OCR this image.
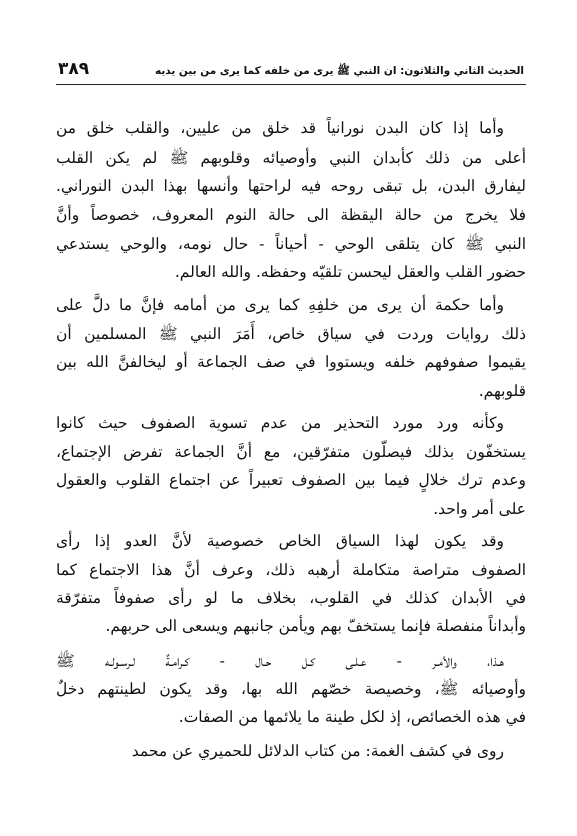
الحديث الثاني والثلاثون: ان النبي ﷺ يرى من خلفه كما يرى من بين يديه
٣٨٩
وأما إذا كان البدن نورانياً قد خلق من عليين، والقلب خلق من
أعلى من ذلك كأبدان النبي وأوصيائه وقلوبهم ﷺ لم يكن القلب
ليفارق البدن، بل تبقى روحه فيه لراحتها وأنسها بهذا البدن النوراني.
فلا يخرج من حالة اليقظة الى حالة النوم المعروف، خصوصاً وأنَّ
النبي ﷺ كان يتلقى الوحي - أحياناً - حال نومه، والوحي يستدعي
حضور القلب والعقل ليحسن تلقيّه وحفظه. والله العالم.
وأما حكمة أن يرى من خلفِهِ كما يرى من أمامه فإنَّ ما دلَّ على
ذلك روايات وردت في سياق خاص، أَمَرَ النبي ﷺ المسلمين أن
يقيموا صفوفهم خلفه ويستووا في صف الجماعة أو ليخالفنَّ الله بين
قلوبهم.
وكأنه ورد مورد التحذير من عدم تسوية الصفوف حيث كانوا
يستخفّون بذلك فيصلّون متفرّقين، مع أنَّ الجماعة تفرض الإجتماع،
وعدم ترك خلالٍ فيما بين الصفوف تعبيراً عن اجتماع القلوب والعقول
على أمر واحد.
وقد يكون لهذا السياق الخاص خصوصية لأنَّ العدو إذا رأى
الصفوف متراصة متكاملة أرهبه ذلك، وعرف أنَّ هذا الاجتماع كما
في الأبدان كذلك في القلوب، بخلاف ما لو رأى صفوفاً متفرّقة
وأبداناً منفصلة فإنما يستخفّ بهم ويأمن جانبهم ويسعى الى حربهم.
هـذا، والأمـر - عـلـى كـل حـال - كـرامـةٌ لـرسـولـه ﷺ
وأوصيائه ﷺ، وخصيصة خصّهم الله بها، وقد يكون لطينتهم دخلٌ
في هذه الخصائص، إذ لكل طينة ما يلائمها من الصفات.
روى في كشف الغمة: من كتاب الدلائل للحميري عن محمد
